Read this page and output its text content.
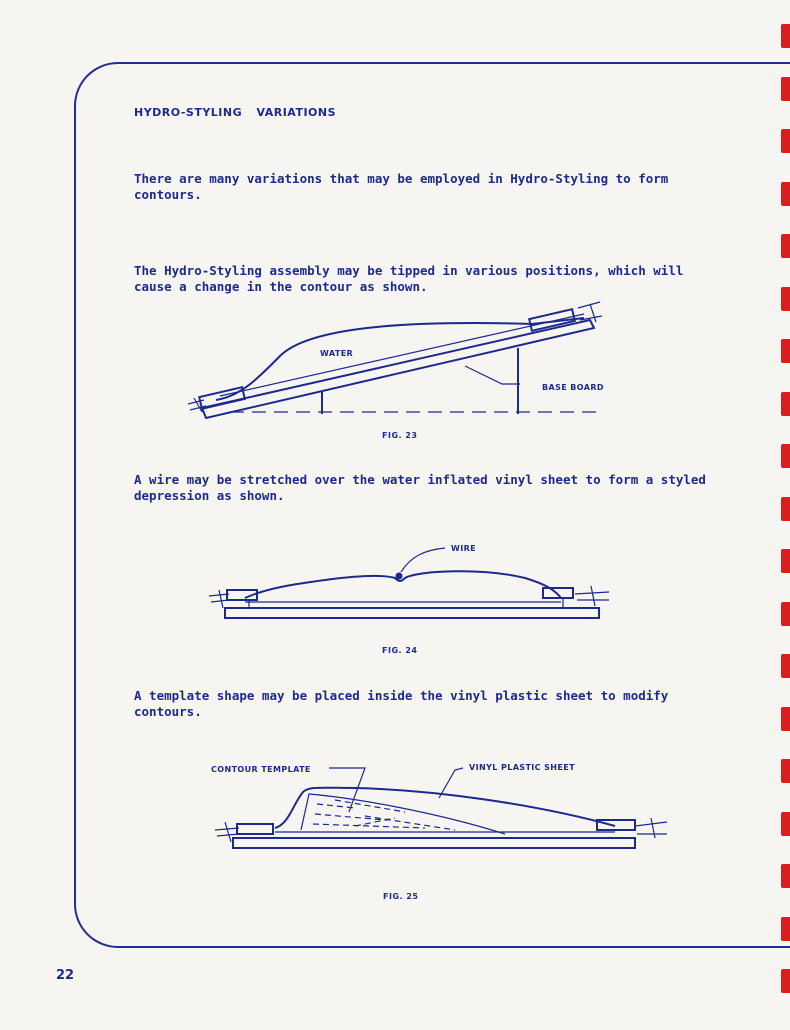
HYDRO-STYLING VARIATIONS

There are many variations that may be employed in Hydro-Styling to form contours.

The Hydro-Styling assembly may be tipped in various positions, which will cause a change in the contour as shown.

WATER
BASE BOARD

FIG. 23

A wire may be stretched over the water inflated vinyl sheet to form a styled depression as shown.

WIRE

FIG. 24

A template shape may be placed inside the vinyl plastic sheet to modify contours.

CONTOUR TEMPLATE	VINYL PLASTIC SHEET

FIG. 25

22
